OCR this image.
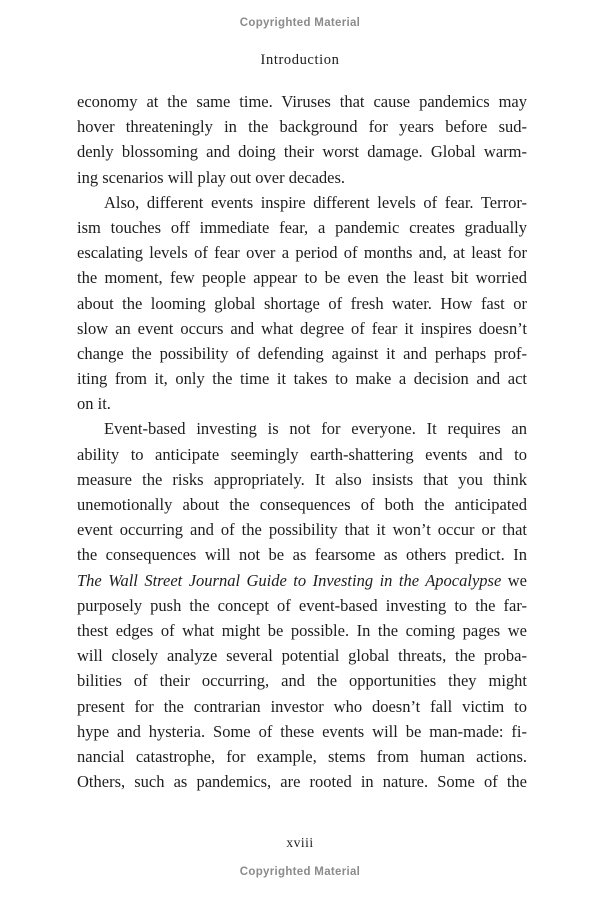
Copyrighted Material
Introduction
economy at the same time. Viruses that cause pandemics may
hover threateningly in the background for years before sud-
denly blossoming and doing their worst damage. Global warm-
ing scenarios will play out over decades.
Also, different events inspire different levels of fear. Terror-
ism touches off immediate fear, a pandemic creates gradually
escalating levels of fear over a period of months and, at least for
the moment, few people appear to be even the least bit worried
about the looming global shortage of fresh water. How fast or
slow an event occurs and what degree of fear it inspires doesn’t
change the possibility of defending against it and perhaps prof-
iting from it, only the time it takes to make a decision and act
on it.
Event-based investing is not for everyone. It requires an
ability to anticipate seemingly earth-shattering events and to
measure the risks appropriately. It also insists that you think
unemotionally about the consequences of both the anticipated
event occurring and of the possibility that it won’t occur or that
the consequences will not be as fearsome as others predict. In
The Wall Street Journal Guide to Investing in the Apocalypse we
purposely push the concept of event-based investing to the far-
thest edges of what might be possible. In the coming pages we
will closely analyze several potential global threats, the proba-
bilities of their occurring, and the opportunities they might
present for the contrarian investor who doesn’t fall victim to
hype and hysteria. Some of these events will be man-made: fi-
nancial catastrophe, for example, stems from human actions.
Others, such as pandemics, are rooted in nature. Some of the
xviii
Copyrighted Material
